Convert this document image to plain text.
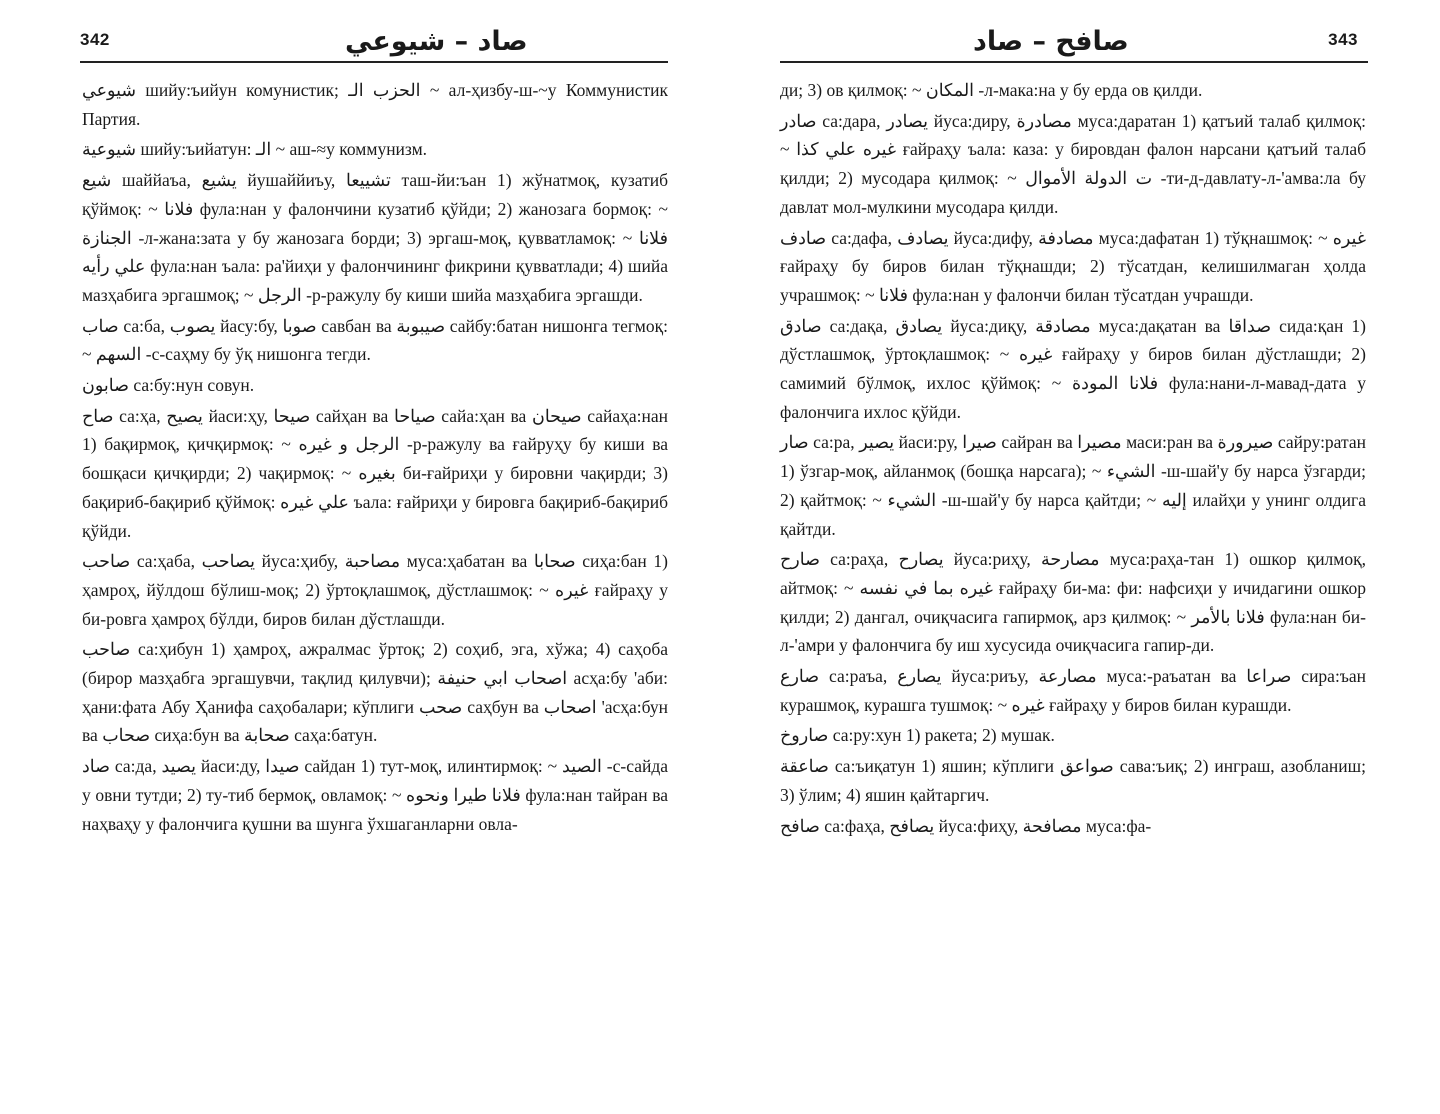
342	صاد – شيوعي

شيوعي шийу:ъийун комунистик; الحزب الـ ~ ал-ҳизбу-ш-~у Коммунистик Партия.

شيوعية шийу:ъийатун: الـ ~ аш-≈у коммунизм.

شيع шаййаъа, يشيع йушаййиъу, تشييعا таш-йи:ъан 1) жўнатмоқ, кузатиб қўймоқ: ~ فلانا фула:нан у фалончини кузатиб қўйди; 2) жанозага бормоқ: ~ الجنازة -л-жана:зата у бу жанозага борди; 3) эргаш-моқ, қувватламоқ: ~ فلانا علي رأيه фула:нан ъала: ра'йиҳи у фалончининг фикрини қувватлади; 4) шийа мазҳабига эргашмоқ; ~ الرجل -р-ражулу бу киши шийа мазҳабига эргашди.

صاب са:ба, يصوب йасу:бу, صوبا савбан ва صيبوبة сайбу:батан нишонга тегмоқ: ~ السهم -с-саҳму бу ўқ нишонга тегди.

صابون са:бу:нун совун.

صاح са:ҳа, يصيح йаси:ҳу, صيحا сайҳан ва صياحا сайа:ҳан ва صيحان сайаҳа:нан 1) бақирмоқ, қичқирмоқ: ~ الرجل و غيره -р-ражулу ва ғайруҳу бу киши ва бошқаси қичқирди; 2) чақирмоқ: ~ بغيره би-ғайриҳи у бировни чақирди; 3) бақириб-бақириб қўймоқ: علي غيره ъала: ғайриҳи у бировга бақириб-бақириб қўйди.

صاحب са:ҳаба, يصاحب йуса:ҳибу, مصاحبة муса:ҳабатан ва صحابا сиҳа:бан 1) ҳамроҳ, йўлдош бўлиш-моқ; 2) ўртоқлашмоқ, дўстлашмоқ: ~ غيره ғайраҳу у би-ровга ҳамроҳ бўлди, биров билан дўстлашди.

صاحب са:ҳибун 1) ҳамроҳ, ажралмас ўртоқ; 2) соҳиб, эга, хўжа; 4) саҳоба (бирор мазҳабга эргашувчи, тақлид қилувчи); اصحاب ابي حنيفة асҳа:бу 'аби: ҳани:фата Абу Ҳанифа саҳобалари; кўплиги صحب саҳбун ва اصحاب 'асҳа:бун ва صحاب сиҳа:бун ва صحابة саҳа:батун.

صاد са:да, يصيد йаси:ду, صيدا сайдан 1) тут-моқ, илинтирмоқ: ~ الصيد -с-сайда у овни тутди; 2) ту-тиб бермоқ, овламоқ: ~ فلانا طيرا ونحوه фула:нан тайран ва наҳваҳу у фалончига қушни ва шунга ўхшаганларни овла-

343
صافح – صاد

ди; 3) ов қилмоқ: ~ المكان -л-мака:на у бу ерда ов қилди.

صادر са:дара, يصادر йуса:диру, مصادرة муса:даратан 1) қатъий талаб қилмоқ: ~ غيره علي كذا ғайраҳу ъала: каза: у бировдан фалон нарсани қатъий талаб қилди; 2) мусодара қилмоқ: ~ ت الدولة الأموال -ти-д-давлату-л-'амва:ла бу давлат мол-мулкини мусодара қилди.

صادف са:дафа, يصادف йуса:дифу, مصادفة муса:дафатан 1) тўқнашмоқ: ~ غيره ғайраҳу бу биров билан тўқнашди; 2) тўсатдан, келишилмаган ҳолда учрашмоқ: ~ فلانا фула:нан у фалончи билан тўсатдан учрашди.

صادق са:дақа, يصادق йуса:диқу, مصادقة муса:дақатан ва صداقا сида:қан 1) дўстлашмоқ, ўртоқлашмоқ: ~ غيره ғайраҳу у биров билан дўстлашди; 2) самимий бўлмоқ, ихлос қўймоқ: ~ فلانا المودة фула:нани-л-мавад-дата у фалончига ихлос қўйди.

صار са:ра, يصير йаси:ру, صيرا сайран ва مصيرا маси:ран ва صيرورة сайру:ратан 1) ўзгар-моқ, айланмоқ (бошқа нарсага); ~ الشيء -ш-шай'у бу нарса ўзгарди; 2) қайтмоқ: ~ الشيء -ш-шай'у бу нарса қайтди; ~ إليه илайҳи у унинг олдига қайтди.

صارح са:раҳа, يصارح йуса:риҳу, مصارحة муса:раҳа-тан 1) ошкор қилмоқ, айтмоқ: ~ غيره بما في نفسه ғайраҳу би-ма: фи: нафсиҳи у ичидагини ошкор қилди; 2) дангал, очиқчасига гапирмоқ, арз қилмоқ: ~ فلانا بالأمر фула:нан би-л-'амри у фалончига бу иш хусусида очиқчасига гапир-ди.

صارع са:раъа, يصارع йуса:риъу, مصارعة муса:-раъатан ва صراعا сира:ъан курашмоқ, курашга тушмоқ: ~ غيره ғайраҳу у биров билан курашди.

صاروخ са:ру:хун 1) ракета; 2) мушак.

صاعقة са:ъиқатун 1) яшин; кўплиги صواعق сава:ъиқ; 2) инграш, азобланиш; 3) ўлим; 4) яшин қайтаргич.

صافح са:фаҳа, يصافح йуса:фиҳу, مصافحة муса:фа-
